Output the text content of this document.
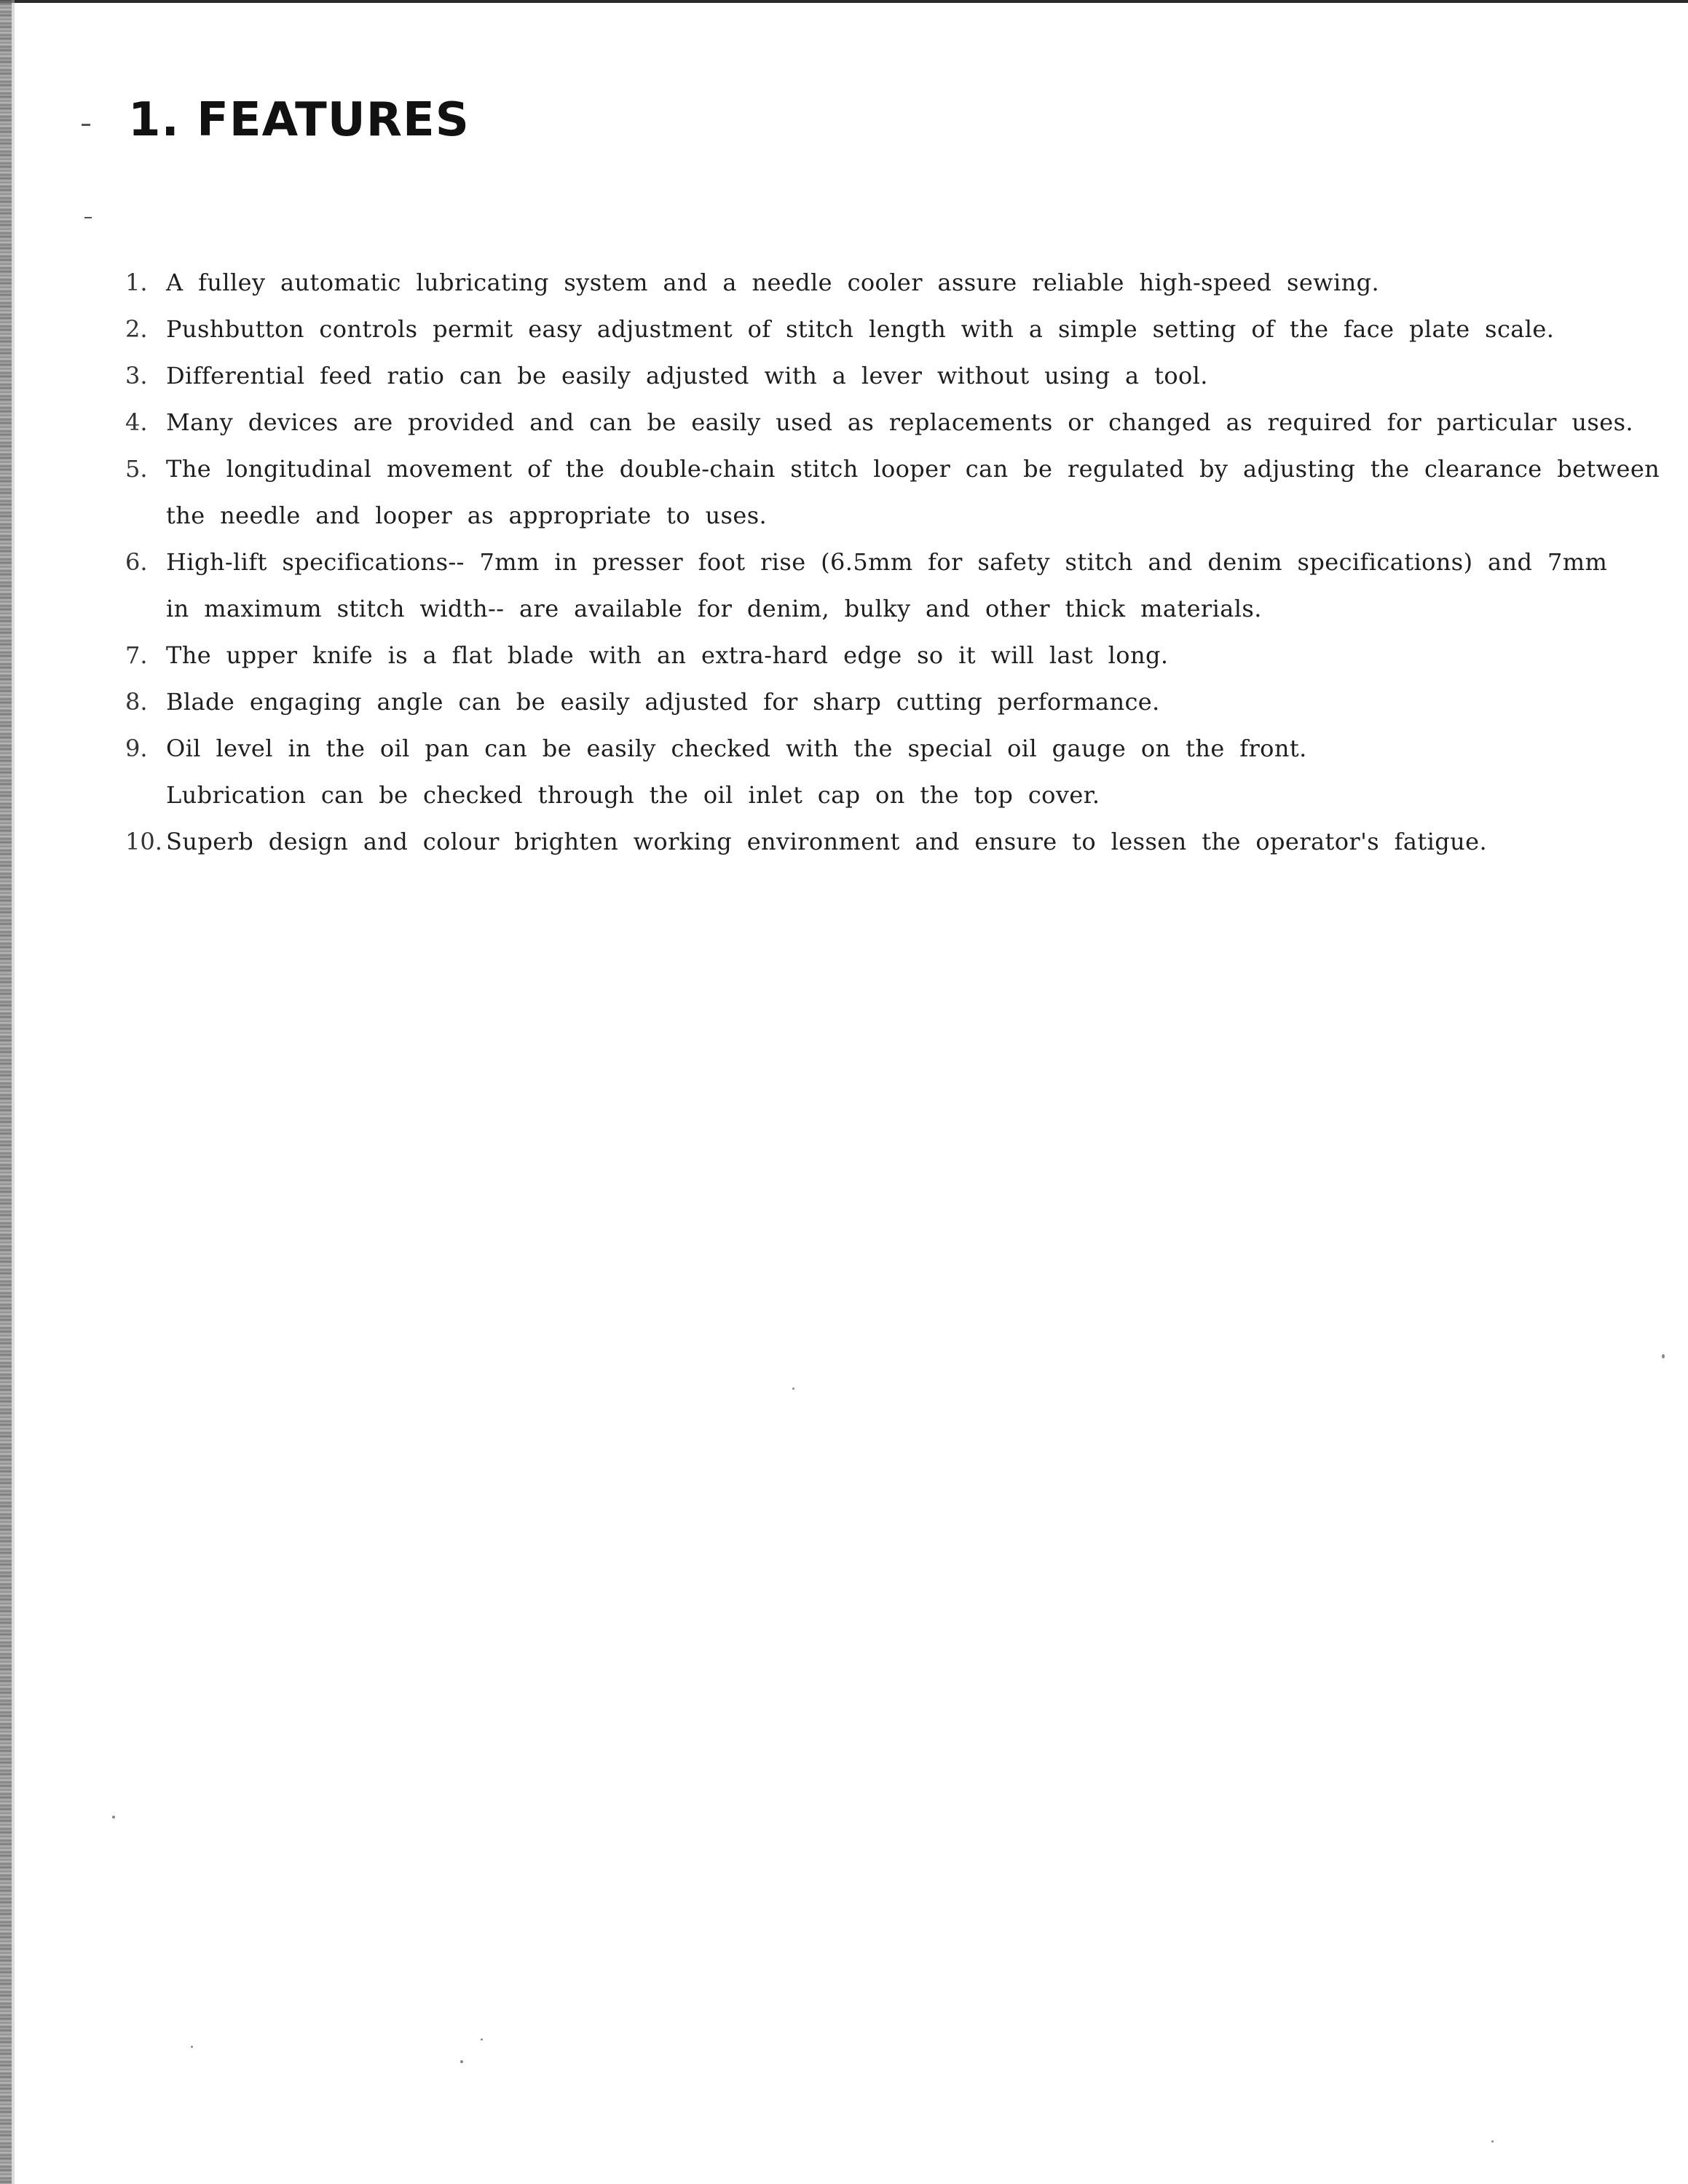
1. FEATURES
1. A fulley automatic lubricating system and a needle cooler assure reliable high-speed sewing.
2. Pushbutton controls permit easy adjustment of stitch length with a simple setting of the face plate scale.
3. Differential feed ratio can be easily adjusted with a lever without using a tool.
4. Many devices are provided and can be easily used as replacements or changed as required for particular uses.
5. The longitudinal movement of the double-chain stitch looper can be regulated by adjusting the clearance between
the needle and looper as appropriate to uses.
6. High-lift specifications-- 7mm in presser foot rise (6.5mm for safety stitch and denim specifications) and 7mm
in maximum stitch width-- are available for denim, bulky and other thick materials.
7. The upper knife is a flat blade with an extra-hard edge so it will last long.
8. Blade engaging angle can be easily adjusted for sharp cutting performance.
9. Oil level in the oil pan can be easily checked with the special oil gauge on the front.
Lubrication can be checked through the oil inlet cap on the top cover.
10. Superb design and colour brighten working environment and ensure to lessen the operator's fatigue.
